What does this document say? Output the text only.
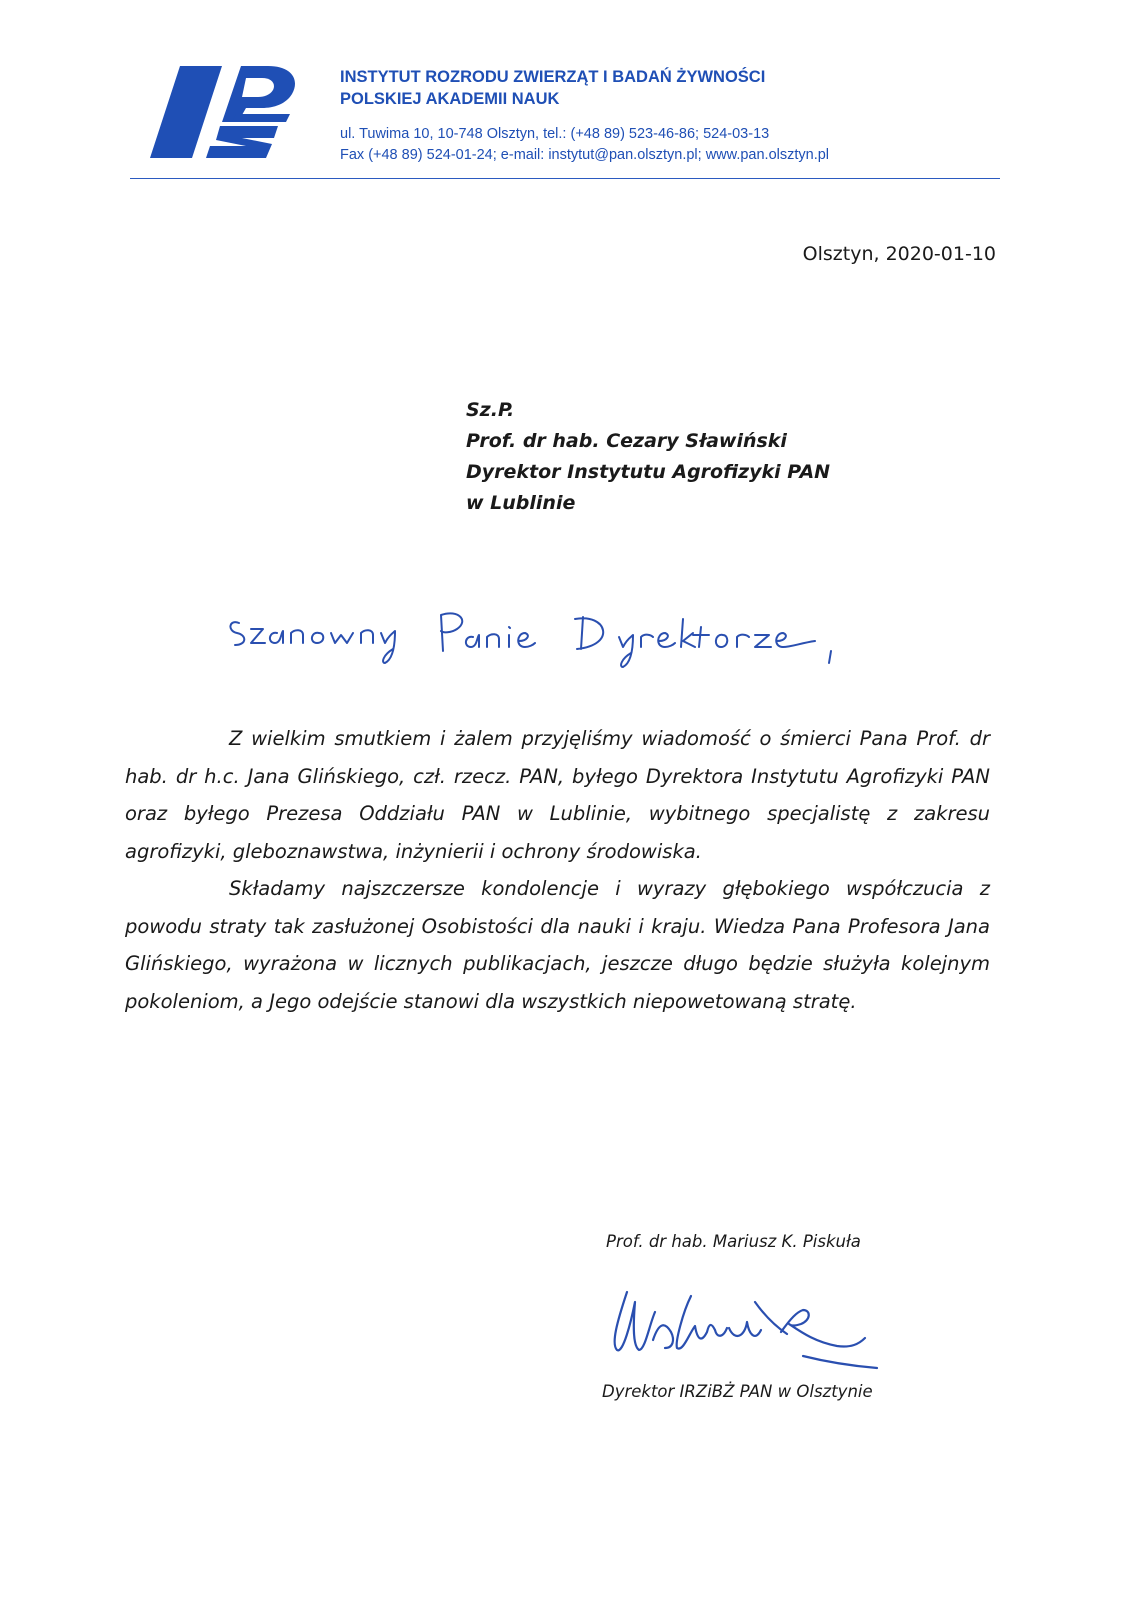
INSTYTUT ROZRODU ZWIERZĄT I BADAŃ ŻYWNOŚCI

POLSKIEJ AKADEMII NAUK

ul. Tuwima 10, 10-748 Olsztyn, tel.: (+48 89) 523-46-86; 524-03-13

Fax (+48 89) 524-01-24; e-mail: instytut@pan.olsztyn.pl; www.pan.olsztyn.pl

Olsztyn, 2020-01-10
Sz.P.
Prof. dr hab. Cezary Sławiński
Dyrektor Instytutu Agrofizyki PAN
w Lublinie

Z wielkim smutkiem i żalem przyjęliśmy wiadomość o śmierci Pana Prof. dr hab. dr h.c. Jana Glińskiego, czł. rzecz. PAN, byłego Dyrektora Instytutu Agrofizyki PAN oraz byłego Prezesa Oddziału PAN w Lublinie, wybitnego specjalistę z zakresu agrofizyki, gleboznawstwa, inżynierii i ochrony środowiska.

Składamy najszczersze kondolencje i wyrazy głębokiego współczucia z powodu straty tak zasłużonej Osobistości dla nauki i kraju. Wiedza Pana Profesora Jana Glińskiego, wyrażona w licznych publikacjach, jeszcze długo będzie służyła kolejnym pokoleniom, a Jego odejście stanowi dla wszystkich niepowetowaną stratę.

Prof. dr hab. Mariusz K. Piskuła
Dyrektor IRZiBŻ PAN w Olsztynie
